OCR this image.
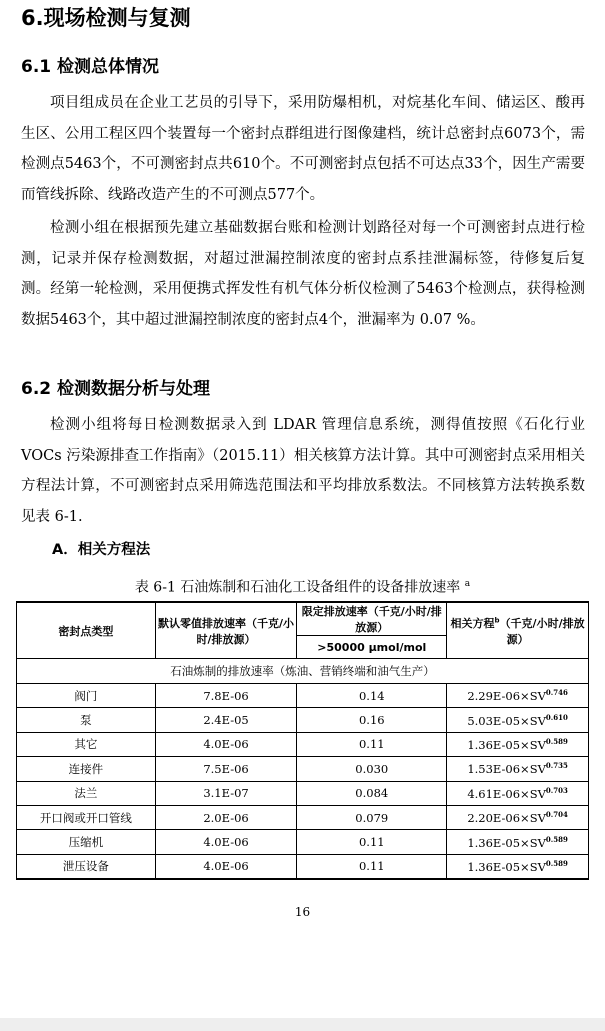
6.现场检测与复测
6.1 检测总体情况
项目组成员在企业工艺员的引导下，采用防爆相机，对烷基化车间、储运区、酸再生区、公用工程区四个装置每一个密封点群组进行图像建档，统计总密封点6073个，需检测点5463个，不可测密封点共610个。不可测密封点包括不可达点33个，因生产需要而管线拆除、线路改造产生的不可测点577个。
检测小组在根据预先建立基础数据台账和检测计划路径对每一个可测密封点进行检测，记录并保存检测数据，对超过泄漏控制浓度的密封点系挂泄漏标签，待修复后复测。经第一轮检测，采用便携式挥发性有机气体分析仪检测了5463个检测点，获得检测数据5463个，其中超过泄漏控制浓度的密封点4个，泄漏率为 0.07 %。
6.2 检测数据分析与处理
检测小组将每日检测数据录入到 LDAR 管理信息系统，测得值按照《石化行业 VOCs 污染源排查工作指南》（2015.11）相关核算方法计算。其中可测密封点采用相关方程法计算，不可测密封点采用筛选范围法和平均排放系数法。不同核算方法转换系数见表 6-1.
A．相关方程法
表 6-1 石油炼制和石油化工设备组件的设备排放速率 $^a$
密封点类型	默认零值排放速率（千克/小时/排放源）	限定排放速率（千克/小时/排放源）	相关方程$^b$（千克/小时/排放源）
		>50000 μmol/mol	
石油炼制的排放速率（炼油、营销终端和油气生产）			
阀门	7.8E-06	0.14	$2.29E-06\times SV^{0.746}$
泵	2.4E-05	0.16	$5.03E-05\times SV^{0.610}$
其它	4.0E-06	0.11	$1.36E-05\times SV^{0.589}$
连接件	7.5E-06	0.030	$1.53E-06\times SV^{0.735}$
法兰	3.1E-07	0.084	$4.61E-06\times SV^{0.703}$
开口阀或开口管线	2.0E-06	0.079	$2.20E-06\times SV^{0.704}$
压缩机	4.0E-06	0.11	$1.36E-05\times SV^{0.589}$
泄压设备	4.0E-06	0.11	$1.36E-05\times SV^{0.589}$
16
